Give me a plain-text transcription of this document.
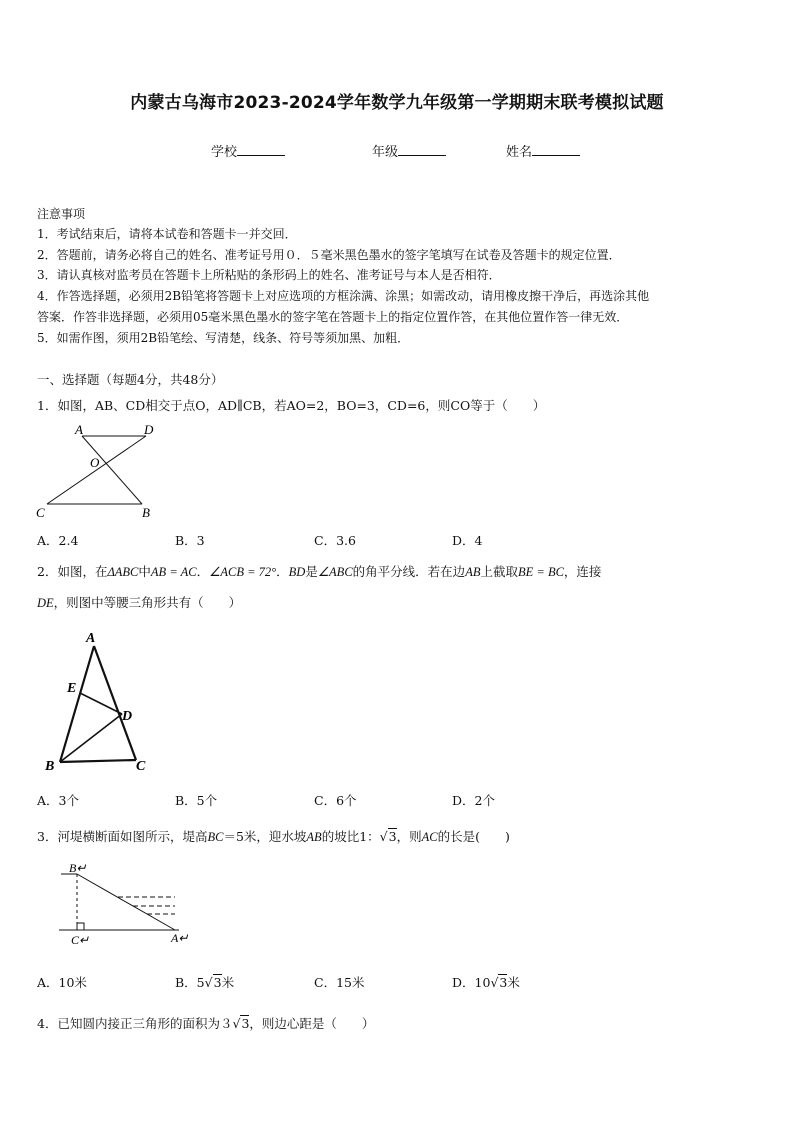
内蒙古乌海市2023-2024学年数学九年级第一学期期末联考模拟试题
学校	年级	姓名
注意事项
1．考试结束后，请将本试卷和答题卡一并交回．
2．答题前，请务必将自己的姓名、准考证号用０．５毫米黑色墨水的签字笔填写在试卷及答题卡的规定位置．
3．请认真核对监考员在答题卡上所粘贴的条形码上的姓名、准考证号与本人是否相符．
4．作答选择题，必须用2B铅笔将答题卡上对应选项的方框涂满、涂黑；如需改动，请用橡皮擦干净后，再选涂其他
答案．作答非选择题，必须用05毫米黑色墨水的签字笔在答题卡上的指定位置作答，在其他位置作答一律无效．
5．如需作图，须用2B铅笔绘、写清楚，线条、符号等须加黑、加粗．
一、选择题（每题4分，共48分）
1．如图，AB、CD相交于点O，AD∥CB，若AO=2，BO=3，CD=6，则CO等于（　　）
A	D
O
C	B
A．2.4	B．3	C．3.6	D．4
2．如图，在ΔABC中AB = AC．∠ACB = 72°．BD是∠ABC的角平分线．若在边AB上截取BE = BC，连接
DE，则图中等腰三角形共有（　　）
A
E
D
B	C
A．3个	B．5个	C．6个	D．2个
3．河堤横断面如图所示，堤高BC＝5米，迎水坡AB的坡比1：√3，则AC的长是(　　)
B↵
C↵	A↵
A．10米	B．5√3米	C．15米	D．10√3米
4．已知圆内接正三角形的面积为３√3，则边心距是（　　）
